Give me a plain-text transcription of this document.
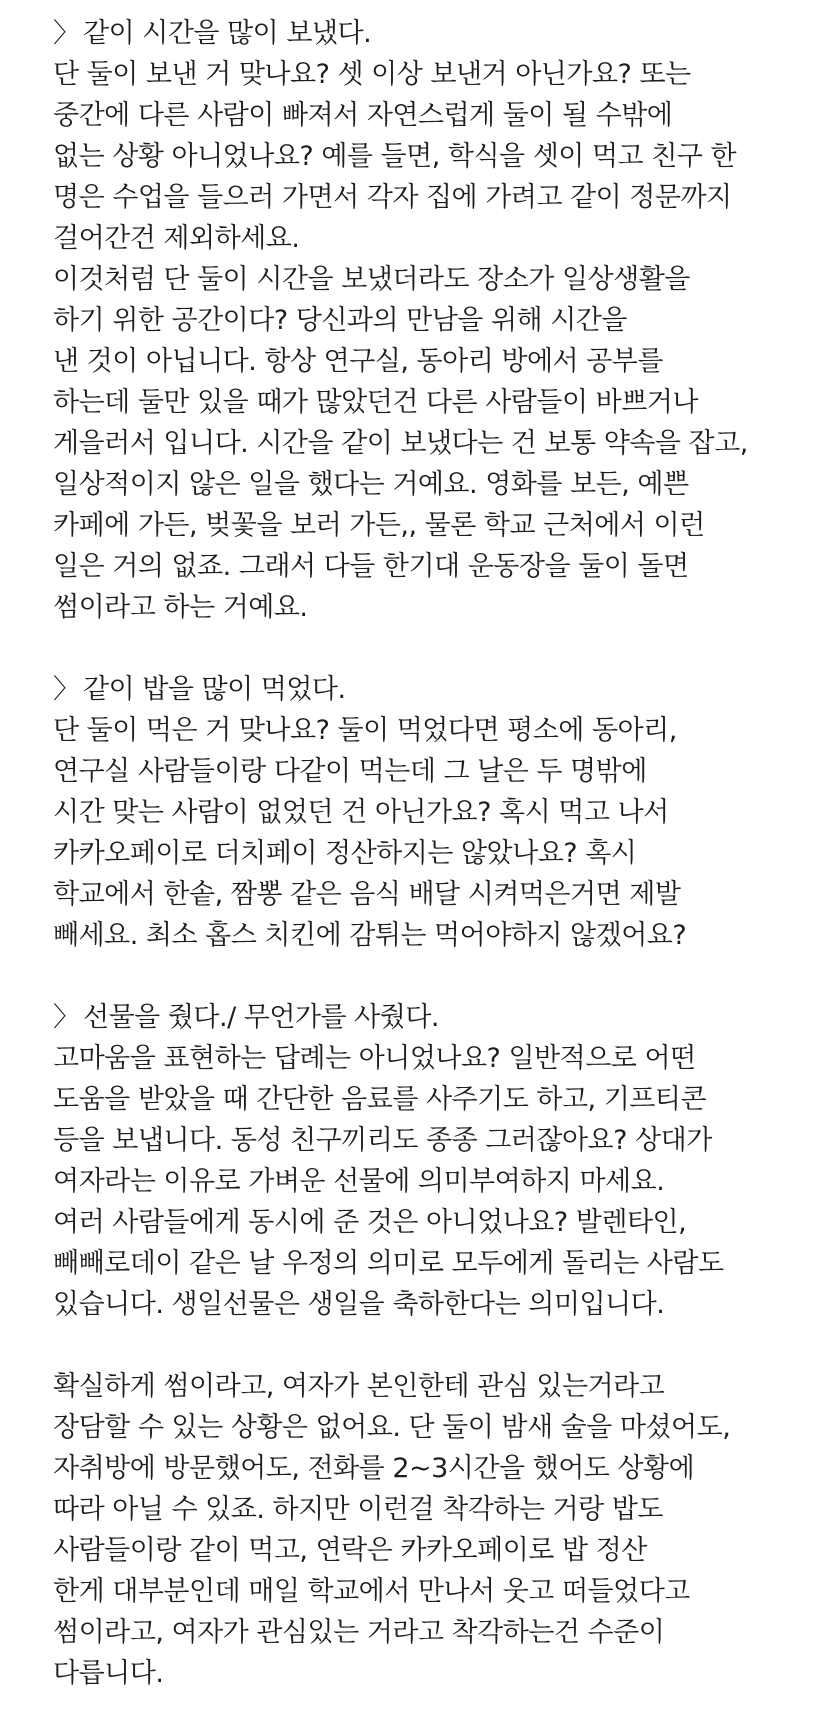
〉 같이 시간을 많이 보냈다.
단 둘이 보낸 거 맞나요? 셋 이상 보낸거 아닌가요? 또는
중간에 다른 사람이 빠져서 자연스럽게 둘이 될 수밖에
없는 상황 아니었나요? 예를 들면, 학식을 셋이 먹고 친구 한
명은 수업을 들으러 가면서 각자 집에 가려고 같이 정문까지
걸어간건 제외하세요.
이것처럼 단 둘이 시간을 보냈더라도 장소가 일상생활을
하기 위한 공간이다? 당신과의 만남을 위해 시간을
낸 것이 아닙니다. 항상 연구실, 동아리 방에서 공부를
하는데 둘만 있을 때가 많았던건 다른 사람들이 바쁘거나
게을러서 입니다. 시간을 같이 보냈다는 건 보통 약속을 잡고,
일상적이지 않은 일을 했다는 거예요. 영화를 보든, 예쁜
카페에 가든, 벚꽃을 보러 가든,, 물론 학교 근처에서 이런
일은 거의 없죠. 그래서 다들 한기대 운동장을 둘이 돌면
썸이라고 하는 거예요.
〉 같이 밥을 많이 먹었다.
단 둘이 먹은 거 맞나요? 둘이 먹었다면 평소에 동아리,
연구실 사람들이랑 다같이 먹는데 그 날은 두 명밖에
시간 맞는 사람이 없었던 건 아닌가요? 혹시 먹고 나서
카카오페이로 더치페이 정산하지는 않았나요? 혹시
학교에서 한솥, 짬뽕 같은 음식 배달 시켜먹은거면 제발
빼세요. 최소 홉스 치킨에 감튀는 먹어야하지 않겠어요?
〉 선물을 줬다./ 무언가를 사줬다.
고마움을 표현하는 답례는 아니었나요? 일반적으로 어떤
도움을 받았을 때 간단한 음료를 사주기도 하고, 기프티콘
등을 보냅니다. 동성 친구끼리도 종종 그러잖아요? 상대가
여자라는 이유로 가벼운 선물에 의미부여하지 마세요.
여러 사람들에게 동시에 준 것은 아니었나요? 발렌타인,
빼빼로데이 같은 날 우정의 의미로 모두에게 돌리는 사람도
있습니다. 생일선물은 생일을 축하한다는 의미입니다.
확실하게 썸이라고, 여자가 본인한테 관심 있는거라고
장담할 수 있는 상황은 없어요. 단 둘이 밤새 술을 마셨어도,
자취방에 방문했어도, 전화를 2~3시간을 했어도 상황에
따라 아닐 수 있죠. 하지만 이런걸 착각하는 거랑 밥도
사람들이랑 같이 먹고, 연락은 카카오페이로 밥 정산
한게 대부분인데 매일 학교에서 만나서 웃고 떠들었다고
썸이라고, 여자가 관심있는 거라고 착각하는건 수준이
다릅니다.
